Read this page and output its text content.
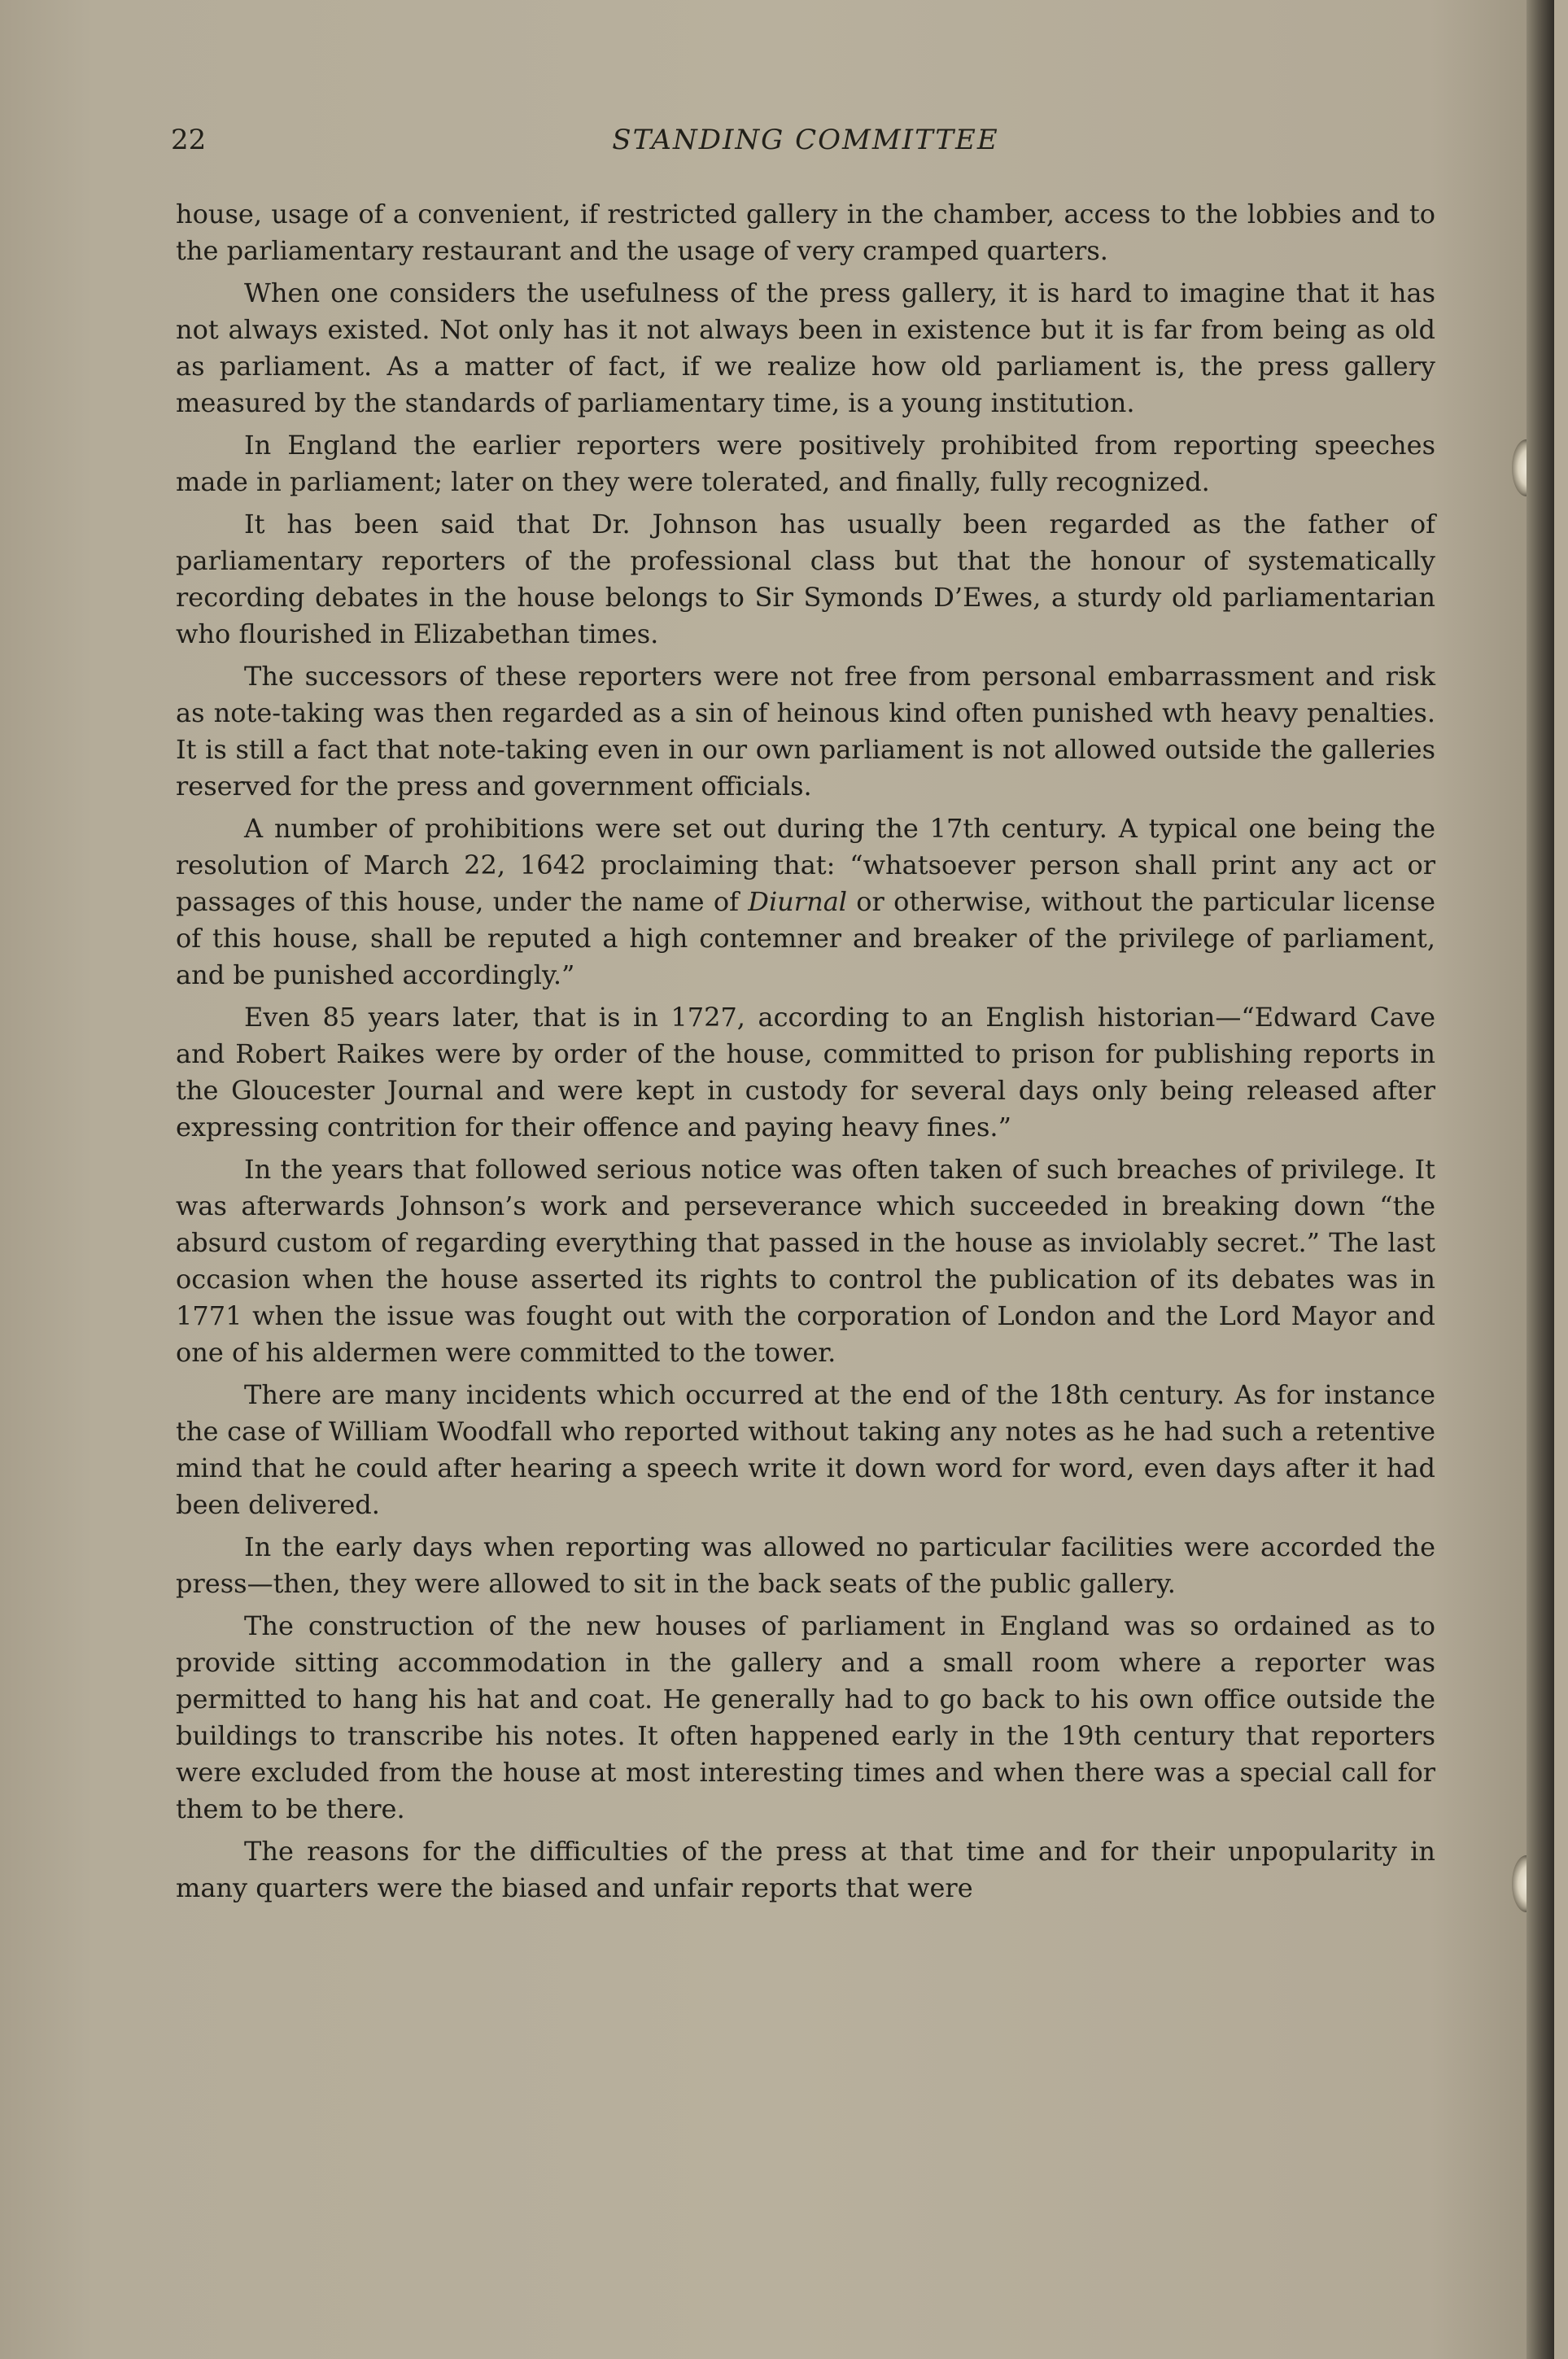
22	STANDING COMMITTEE

house, usage of a convenient, if restricted gallery in the chamber, access to the lobbies and to the parliamentary restaurant and the usage of very cramped quarters.

When one considers the usefulness of the press gallery, it is hard to imagine that it has not always existed. Not only has it not always been in existence but it is far from being as old as parliament. As a matter of fact, if we realize how old parliament is, the press gallery measured by the standards of parliamentary time, is a young institution.

In England the earlier reporters were positively prohibited from reporting speeches made in parliament; later on they were tolerated, and finally, fully recognized.

It has been said that Dr. Johnson has usually been regarded as the father of parliamentary reporters of the professional class but that the honour of systematically recording debates in the house belongs to Sir Symonds D’Ewes, a sturdy old parliamentarian who flourished in Elizabethan times.

The successors of these reporters were not free from personal embarrassment and risk as note-taking was then regarded as a sin of heinous kind often punished wth heavy penalties. It is still a fact that note-taking even in our own parliament is not allowed outside the galleries reserved for the press and government officials.

A number of prohibitions were set out during the 17th century. A typical one being the resolution of March 22, 1642 proclaiming that: “whatsoever person shall print any act or passages of this house, under the name of Diurnal or otherwise, without the particular license of this house, shall be reputed a high contemner and breaker of the privilege of parliament, and be punished accordingly.”

Even 85 years later, that is in 1727, according to an English historian—“Edward Cave and Robert Raikes were by order of the house, committed to prison for publishing reports in the Gloucester Journal and were kept in custody for several days only being released after expressing contrition for their offence and paying heavy fines.”

In the years that followed serious notice was often taken of such breaches of privilege. It was afterwards Johnson’s work and perseverance which succeeded in breaking down “the absurd custom of regarding everything that passed in the house as inviolably secret.” The last occasion when the house asserted its rights to control the publication of its debates was in 1771 when the issue was fought out with the corporation of London and the Lord Mayor and one of his aldermen were committed to the tower.

There are many incidents which occurred at the end of the 18th century. As for instance the case of William Woodfall who reported without taking any notes as he had such a retentive mind that he could after hearing a speech write it down word for word, even days after it had been delivered.

In the early days when reporting was allowed no particular facilities were accorded the press—then, they were allowed to sit in the back seats of the public gallery.

The construction of the new houses of parliament in England was so ordained as to provide sitting accommodation in the gallery and a small room where a reporter was permitted to hang his hat and coat. He generally had to go back to his own office outside the buildings to transcribe his notes. It often happened early in the 19th century that reporters were excluded from the house at most interesting times and when there was a special call for them to be there.

The reasons for the difficulties of the press at that time and for their unpopularity in many quarters were the biased and unfair reports that were
